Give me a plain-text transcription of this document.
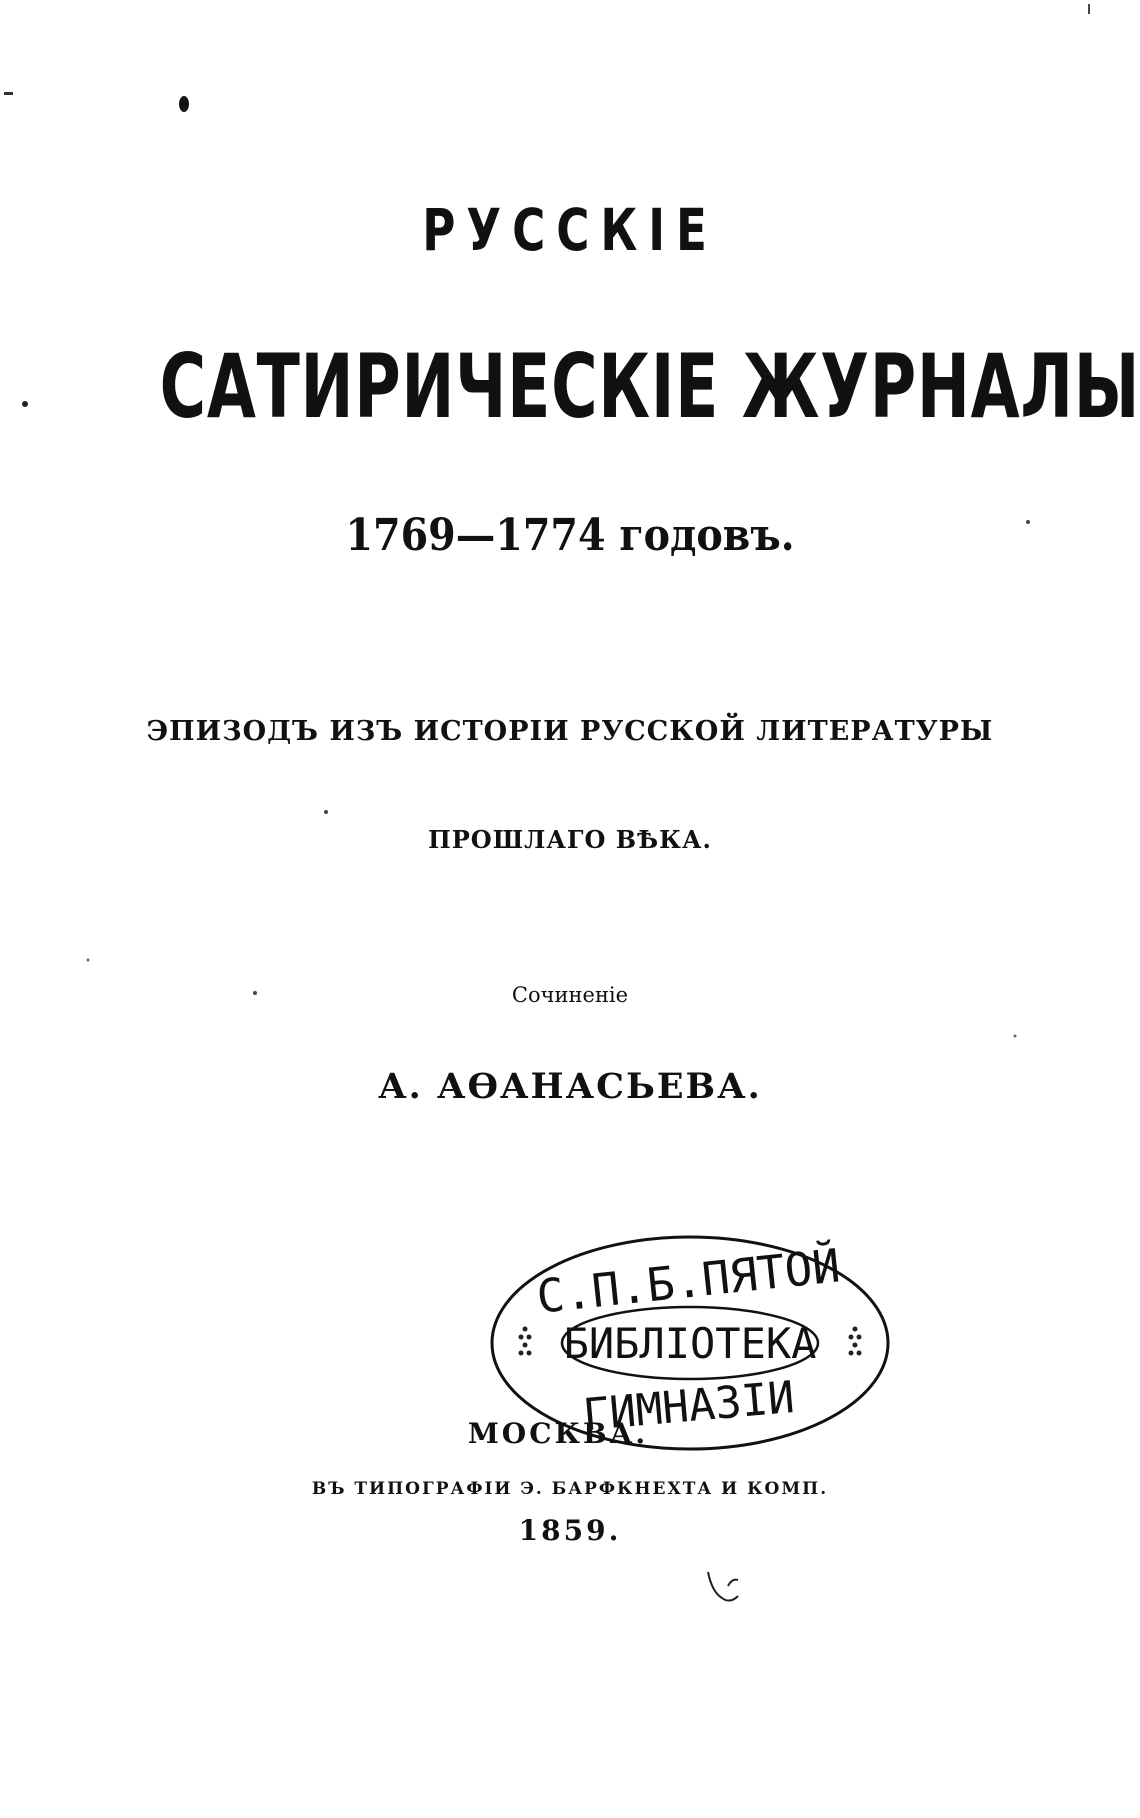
РУССКІЕ
САТИРИЧЕСКІЕ ЖУРНАЛЫ
1769—1774 годовъ.
ЭПИЗОДЪ ИЗЪ ИСТОРІИ РУССКОЙ ЛИТЕРАТУРЫ
ПРОШЛАГО ВѢКА.
Сочиненіе
А. АѲАНАСЬЕВА.
МОСКВА.
ВЪ ТИПОГРАФІИ Э. БАРФКНЕХТА И КОМП.
1859.
С.П.Б.ПЯТОЙ
БИБЛІОТЕКА
ГИМНАЗІИ
